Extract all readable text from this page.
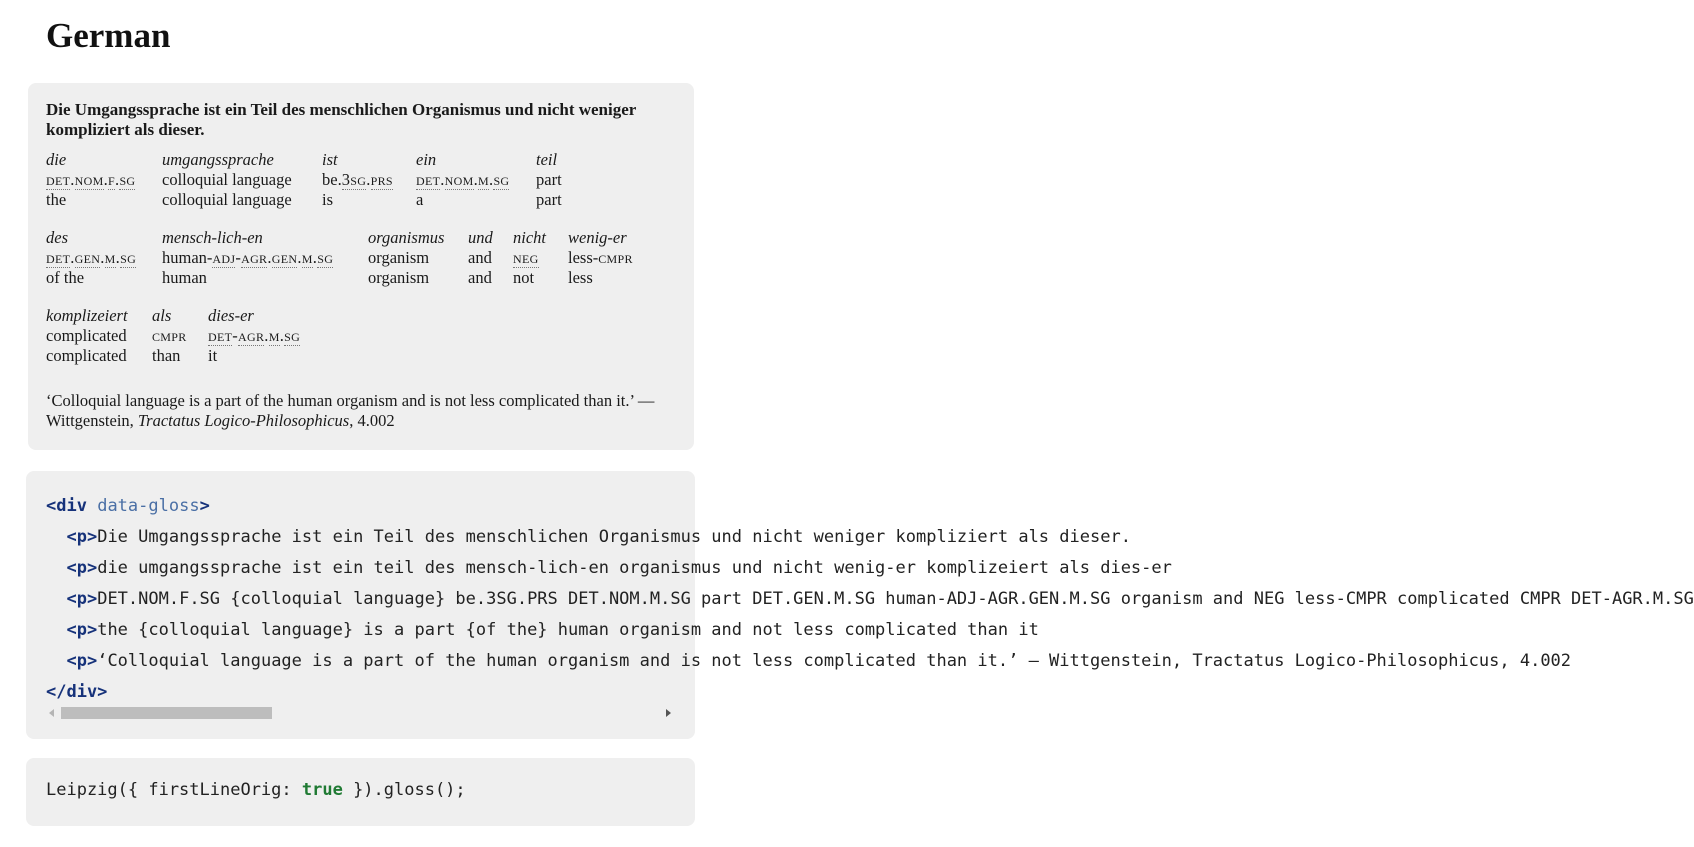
German

Die Umgangssprache ist ein Teil des menschlichen Organismus und nicht weniger kompliziert als dieser.

die
det.nom.f.sg
the
umgangssprache
colloquial language
colloquial language
ist
be.3sg.prs
is
ein
det.nom.m.sg
a
teil
part
part
des
det.gen.m.sg
of the
mensch-lich-en
human-adj-agr.gen.m.sg
human
organismus
organism
organism
und
and
and
nicht
neg
not
wenig-er
less-cmpr
less
komplizeiert
complicated
complicated
als
cmpr
than
dies-er
det-agr.m.sg
it

‘Colloquial language is a part of the human organism and is not less complicated than it.’ — Wittgenstein, Tractatus Logico-Philosophicus, 4.002

<div data-gloss>
<p>Die Umgangssprache ist ein Teil des menschlichen Organismus und nicht weniger kompliziert als dieser.
<p>die umgangssprache ist ein teil des mensch-lich-en organismus und nicht wenig-er komplizeiert als dies-er
<p>DET.NOM.F.SG {colloquial language} be.3SG.PRS DET.NOM.M.SG part DET.GEN.M.SG human-ADJ-AGR.GEN.M.SG organism and NEG less-CMPR complicated CMPR DET-AGR.M.SG
<p>the {colloquial language} is a part {of the} human organism and not less complicated than it
<p>‘Colloquial language is a part of the human organism and is not less complicated than it.’ — Wittgenstein, Tractatus Logico-Philosophicus, 4.002
</div>
Leipzig({ firstLineOrig: true }).gloss();
